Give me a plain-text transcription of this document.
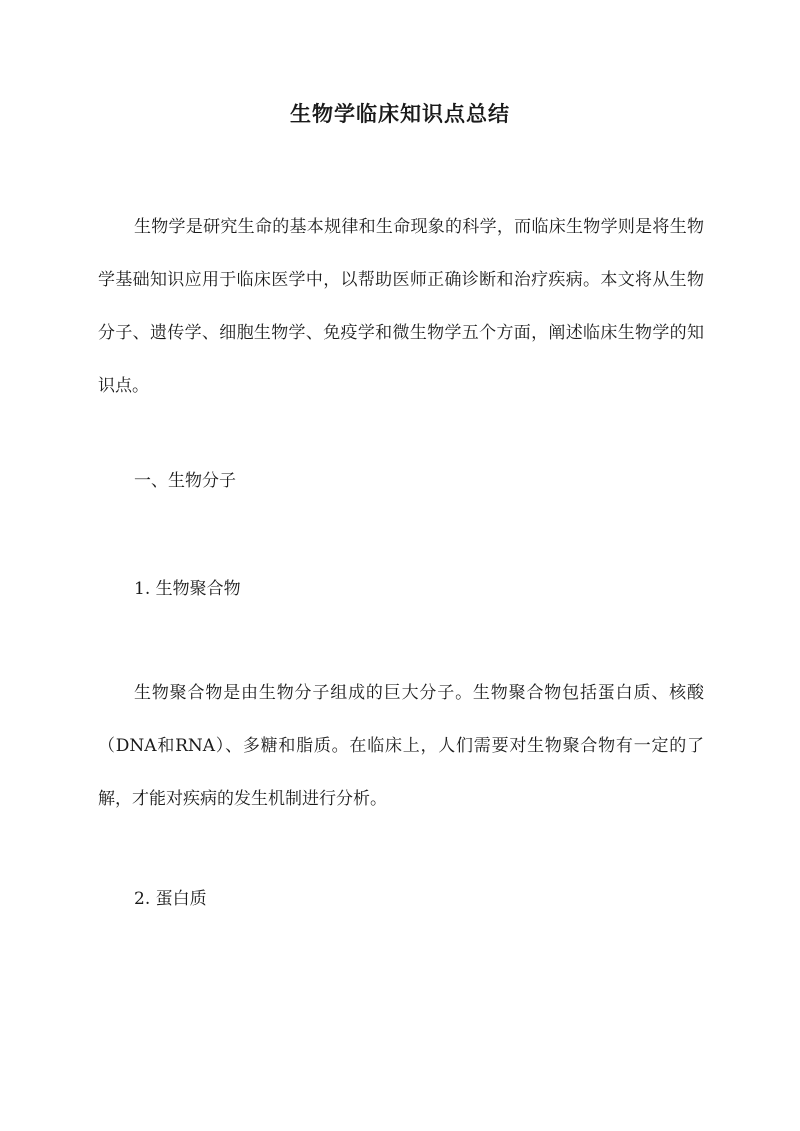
生物学临床知识点总结

生物学是研究生命的基本规律和生命现象的科学，而临床生物学则是将生物学基础知识应用于临床医学中，以帮助医师正确诊断和治疗疾病。本文将从生物分子、遗传学、细胞生物学、免疫学和微生物学五个方面，阐述临床生物学的知识点。

一、生物分子
1. 生物聚合物

生物聚合物是由生物分子组成的巨大分子。生物聚合物包括蛋白质、核酸（DNA和RNA）、多糖和脂质。在临床上，人们需要对生物聚合物有一定的了解，才能对疾病的发生机制进行分析。

2. 蛋白质
